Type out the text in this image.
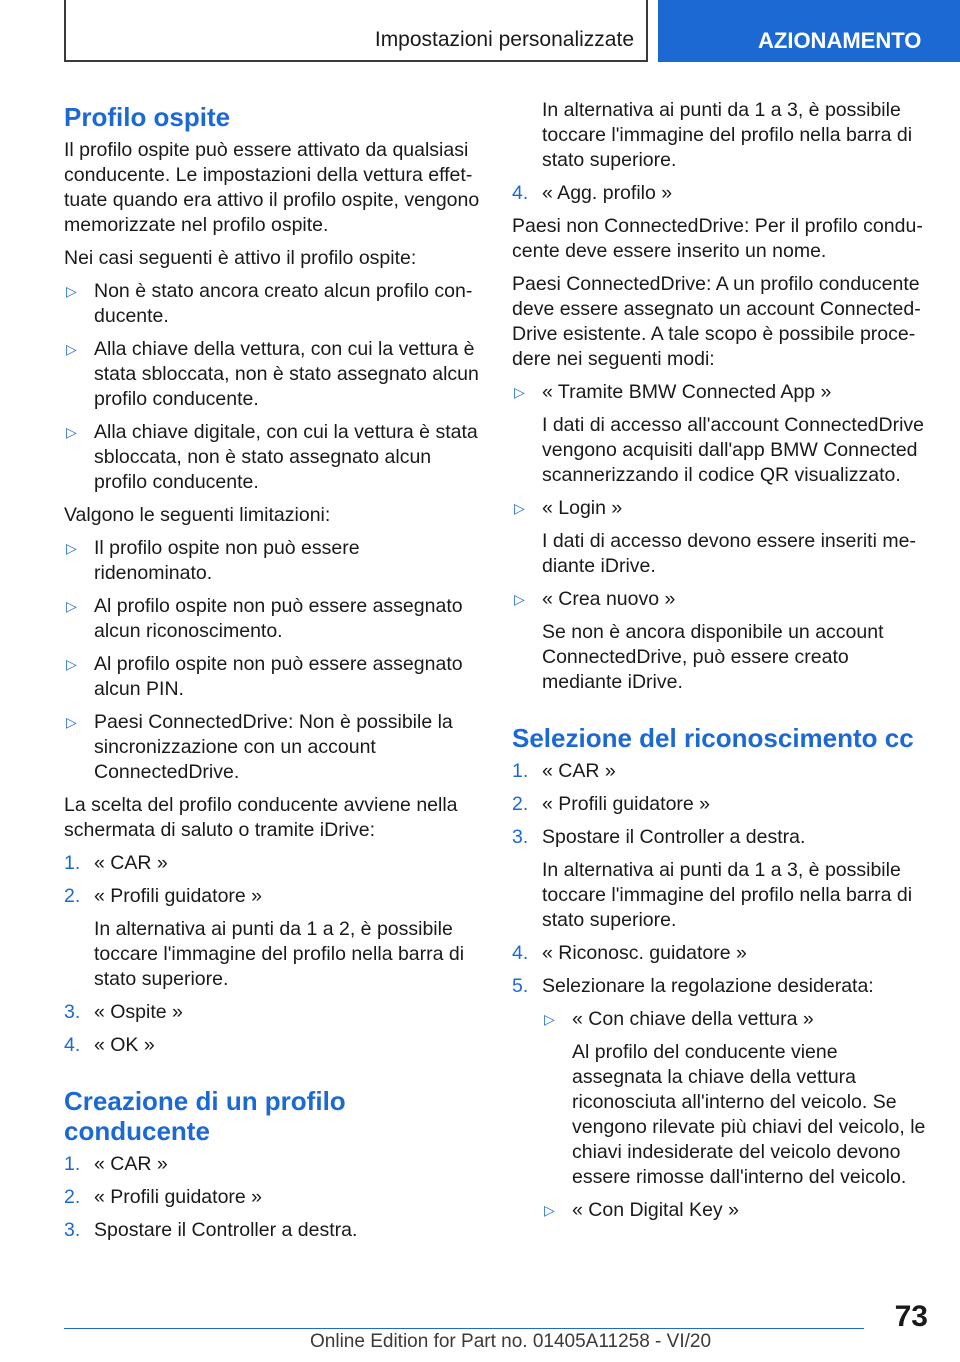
Impostazioni personalizzate	AZIONAMENTO
Profilo ospite

Il profilo ospite può essere attivato da qualsiasi conducente. Le impostazioni della vettura effettuate quando era attivo il profilo ospite, vengono memorizzate nel profilo ospite.

Nei casi seguenti è attivo il profilo ospite:

▷ Non è stato ancora creato alcun profilo conducente.
▷ Alla chiave della vettura, con cui la vettura è stata sbloccata, non è stato assegnato alcun profilo conducente.
▷ Alla chiave digitale, con cui la vettura è stata sbloccata, non è stato assegnato alcun profilo conducente.

Valgono le seguenti limitazioni:

▷ Il profilo ospite non può essere ridenominato.
▷ Al profilo ospite non può essere assegnato alcun riconoscimento.
▷ Al profilo ospite non può essere assegnato alcun PIN.
▷ Paesi ConnectedDrive: Non è possibile la sincronizzazione con un account ConnectedDrive.

La scelta del profilo conducente avviene nella schermata di saluto o tramite iDrive:

1. « CAR »
2. « Profili guidatore »
In alternativa ai punti da 1 a 2, è possibile toccare l'immagine del profilo nella barra di stato superiore.
3. « Ospite »
4. « OK »
Creazione di un profilo conducente
1. « CAR »
2. « Profili guidatore »
3. Spostare il Controller a destra.
In alternativa ai punti da 1 a 3, è possibile toccare l'immagine del profilo nella barra di stato superiore.
4. « Agg. profilo »

Paesi non ConnectedDrive: Per il profilo conducente deve essere inserito un nome.

Paesi ConnectedDrive: A un profilo conducente deve essere assegnato un account ConnectedDrive esistente. A tale scopo è possibile procedere nei seguenti modi:

▷ « Tramite BMW Connected App »
I dati di accesso all'account ConnectedDrive vengono acquisiti dall'app BMW Connected scannerizzando il codice QR visualizzato.
▷ « Login »
I dati di accesso devono essere inseriti mediante iDrive.
▷ « Crea nuovo »
Se non è ancora disponibile un account ConnectedDrive, può essere creato mediante iDrive.
Selezione del riconoscimento cc
1. « CAR »
2. « Profili guidatore »
3. Spostare il Controller a destra.
In alternativa ai punti da 1 a 3, è possibile toccare l'immagine del profilo nella barra di stato superiore.
4. « Riconosc. guidatore »
5. Selezionare la regolazione desiderata:
▷ « Con chiave della vettura »
Al profilo del conducente viene assegnata la chiave della vettura riconosciuta all'interno del veicolo. Se vengono rilevate più chiavi del veicolo, le chiavi indesiderate del veicolo devono essere rimosse dall'interno del veicolo.
▷ « Con Digital Key »
73
Online Edition for Part no. 01405A11258 - VI/20
